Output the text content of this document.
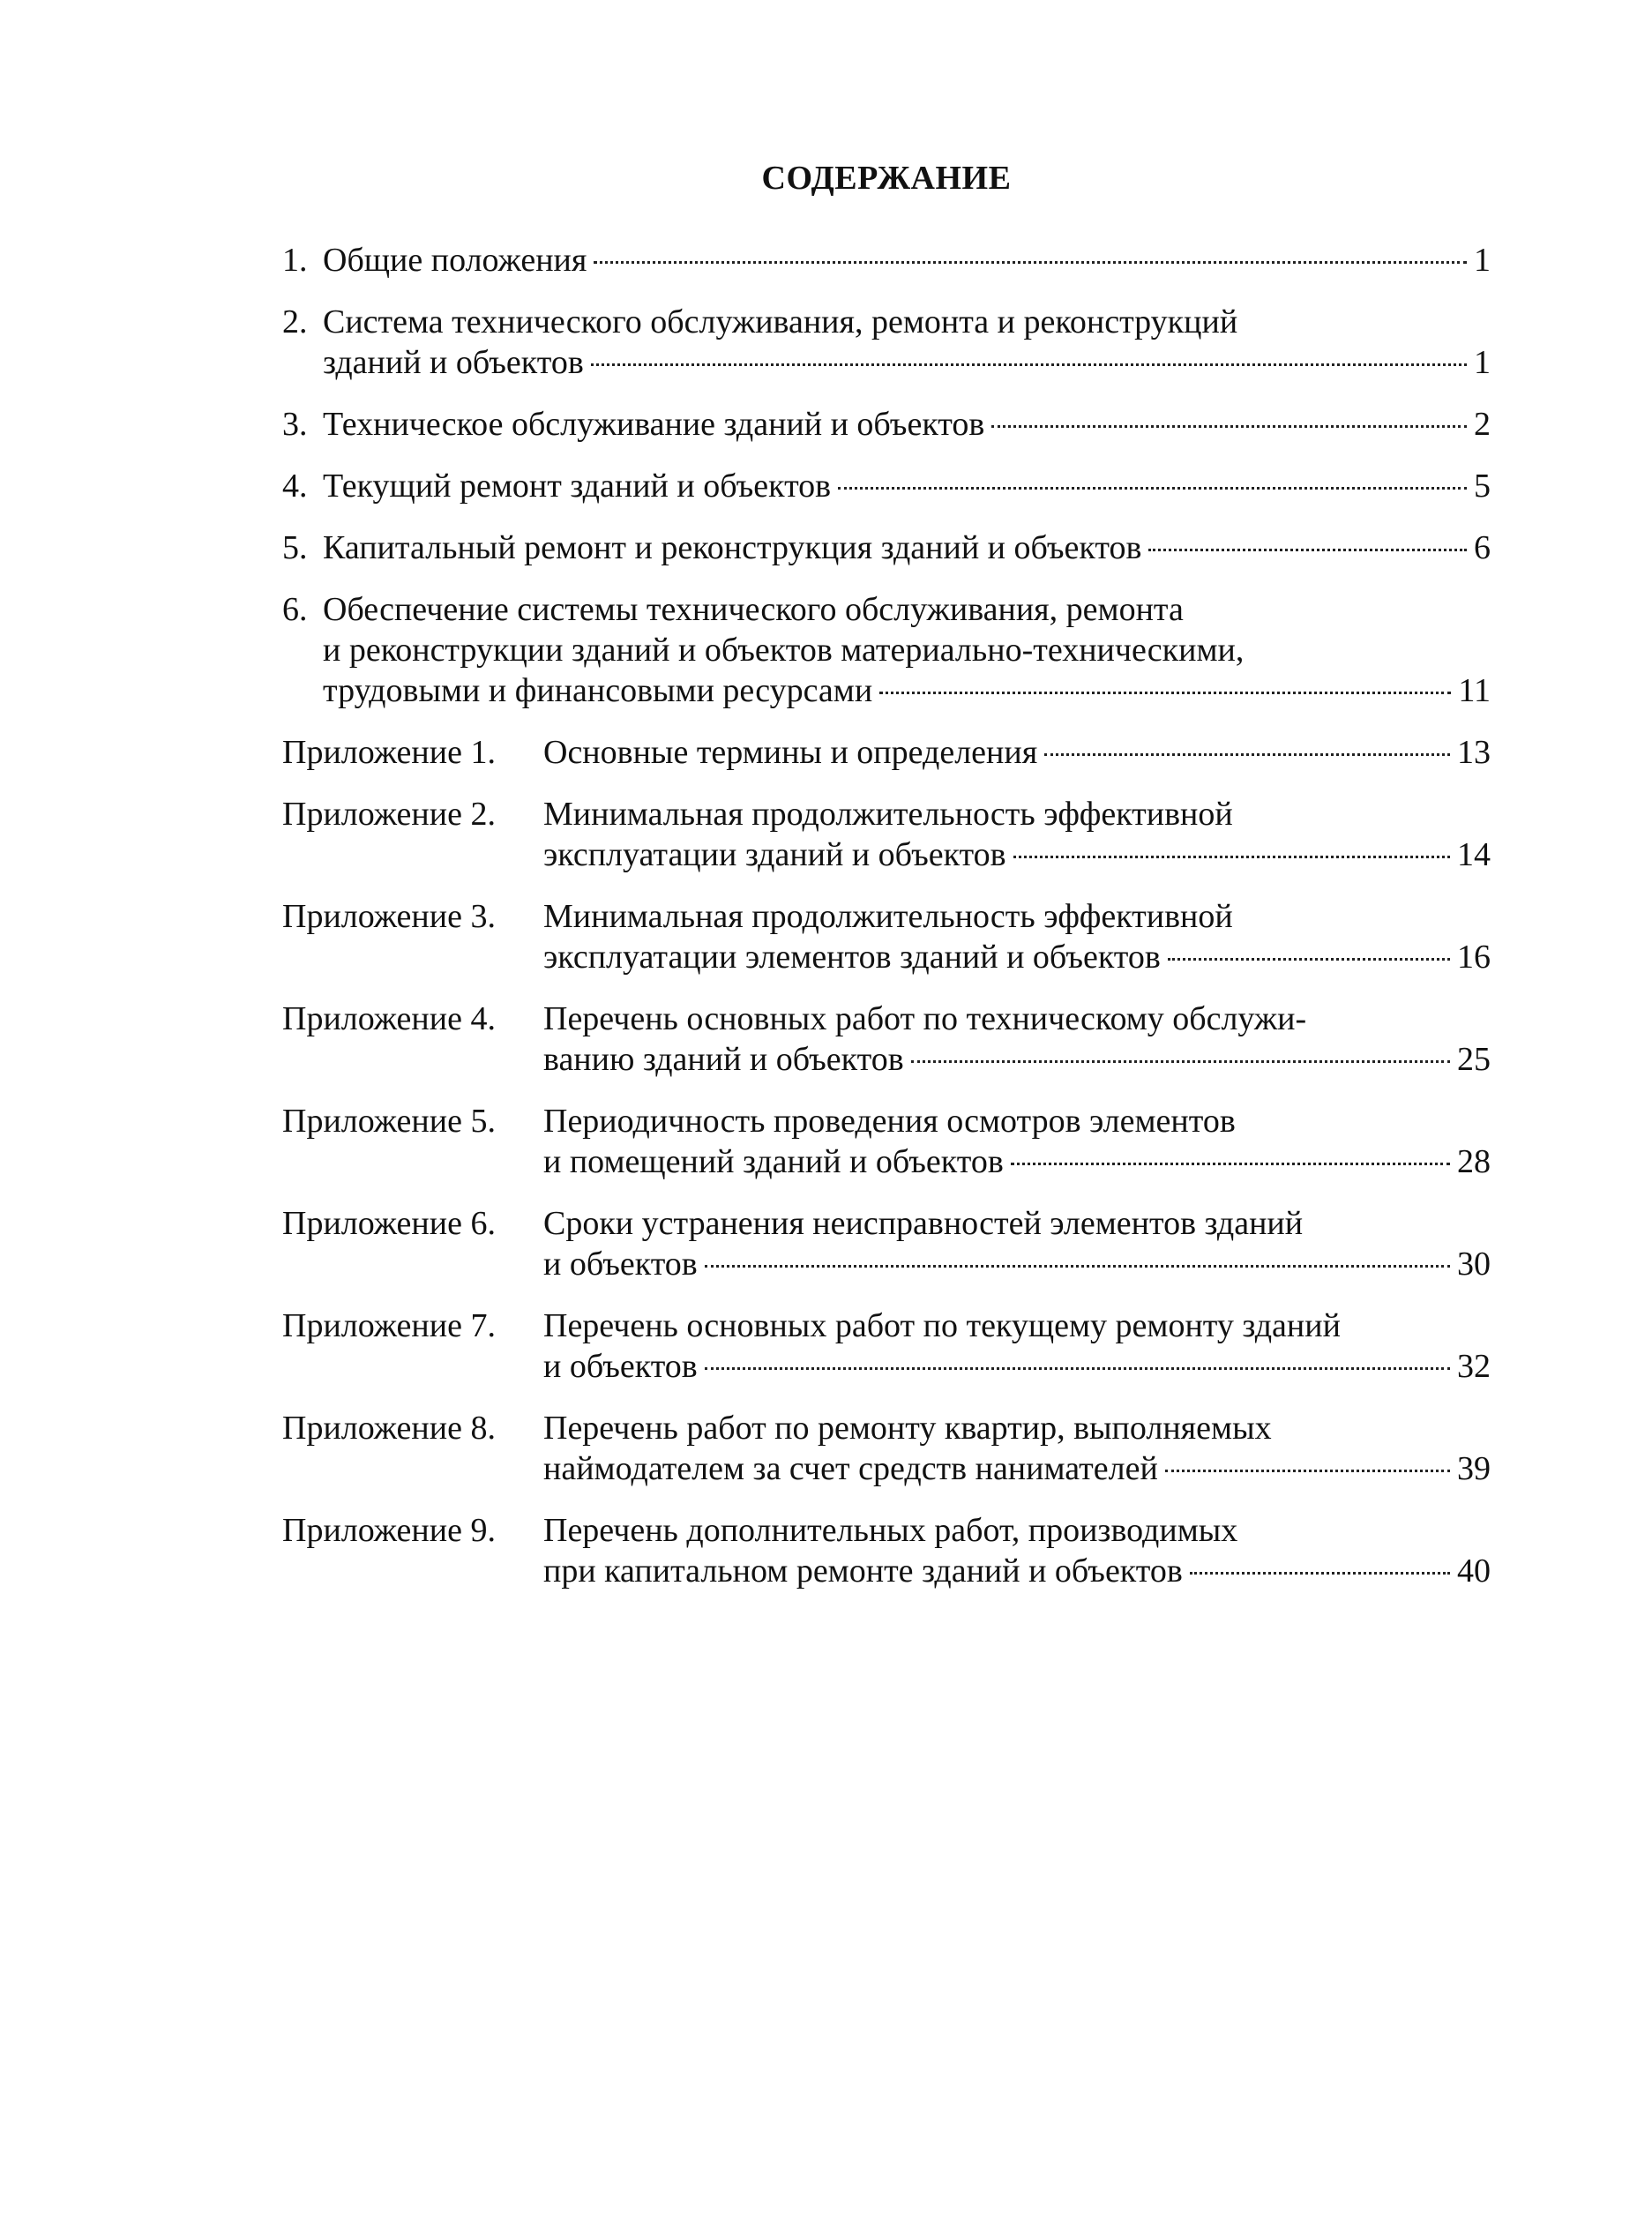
СОДЕРЖАНИЕ
1. Общие положения	1
2. Система технического обслуживания, ремонта и реконструкций
зданий и объектов	1
3. Техническое обслуживание зданий и объектов	2
4. Текущий ремонт зданий и объектов	5
5. Капитальный ремонт и реконструкция зданий и объектов	6
6. Обеспечение системы технического обслуживания, ремонта
и реконструкции зданий и объектов материально-техническими,
трудовыми и финансовыми ресурсами	11
Приложение 1.	Основные термины и определения	13
Приложение 2.	Минимальная продолжительность эффективной
эксплуатации зданий и объектов	14
Приложение 3.	Минимальная продолжительность эффективной
эксплуатации элементов зданий и объектов	16
Приложение 4.	Перечень основных работ по техническому обслужи-
ванию зданий и объектов	25
Приложение 5.	Периодичность проведения осмотров элементов
и помещений зданий и объектов	28
Приложение 6.	Сроки устранения неисправностей элементов зданий
и объектов	30
Приложение 7.	Перечень основных работ по текущему ремонту зданий
и объектов	32
Приложение 8.	Перечень работ по ремонту квартир, выполняемых
наймодателем за счет средств нанимателей	39
Приложение 9.	Перечень дополнительных работ, производимых
при капитальном ремонте зданий и объектов	40
